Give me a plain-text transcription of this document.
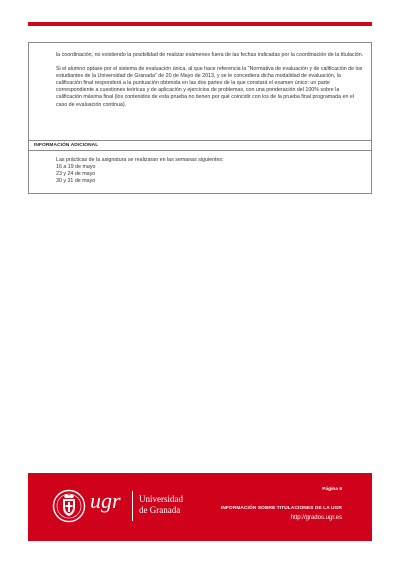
la coordinación, no existiendo la posibilidad de realizar exámenes fuera de las fechas indicadas por la coordinación de la titulación.

Si el alumno optase por el sistema de evaluación única, al que hace referencia la "Normativa de evaluación y de calificación de los estudiantes de la Universidad de Granada" de 20 de Mayo de 2013, y se le concediera dicha modalidad de evaluación, la calificación final responderá a la puntuación obtenida en las dos partes de la que constará el examen único: un parte correspondiente a cuestiones teóricas y de aplicación y ejercicios de problemas, con una ponderación del 100% sobre la calificación máxima final (los contenidos de esta prueba no tienen por qué coincidir con los de la prueba final programada en el caso de evaluación continua).

INFORMACIÓN ADICIONAL

Las prácticas de la asignatura se realizaran en las semanas siguientes:

16 a 19 de mayo

23 y 24 de mayo

30 y 31 de mayo

ugr Universidad
de Granada
Página 6
INFORMACIÓN SOBRE TITULACIONES DE LA UGR
http://grados.ugr.es
